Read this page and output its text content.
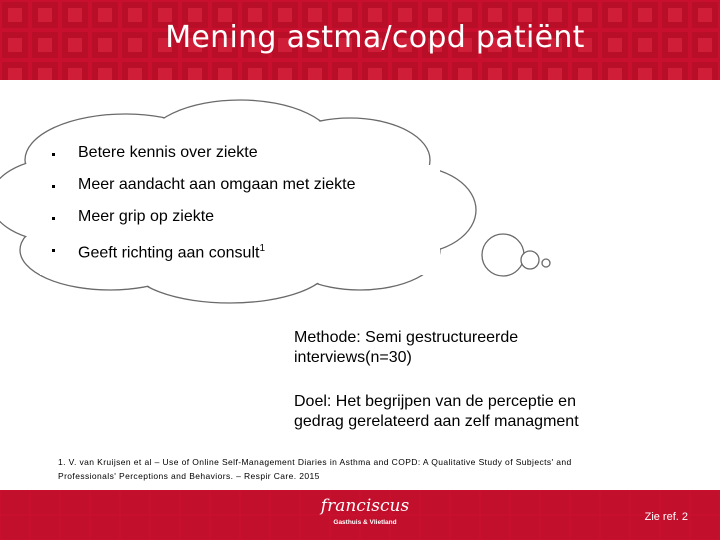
Mening astma/copd patiënt
Betere kennis over ziekte
Meer aandacht aan omgaan met ziekte
Meer grip op ziekte
Geeft richting aan consult$^1$
Methode: Semi gestructureerde
interviews(n=30)
Doel: Het begrijpen van de perceptie en
gedrag gerelateerd aan zelf managment
1. V. van Kruijsen et al – Use of Online Self-Management Diaries in Asthma and COPD: A Qualitative Study of Subjects' and
Professionals' Perceptions and Behaviors. – Respir Care. 2015
franciscus
Gasthuis & Vlietland	Zie ref. 2
